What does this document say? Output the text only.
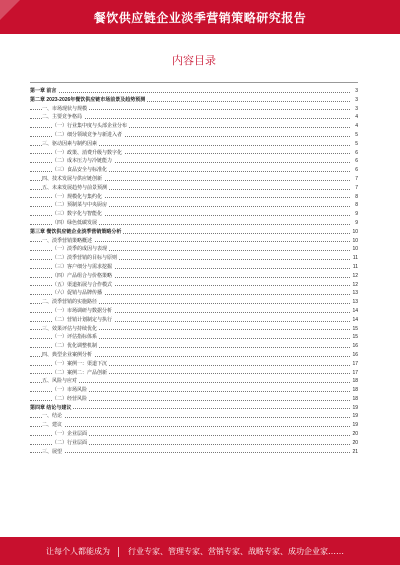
餐饮供应链企业淡季营销策略研究报告
内容目录
第一章 前言	3
第二章 2023-2026年餐饮供应链市场前景及趋势预测	3
一、市场现状与规模	3
二、主要竞争格局	4
（一）行业集中度与头部企业分布	4
（二）细分领域竞争与新进入者	5
三、驱动因素与制约因素	5
（一）政策、消费升级与数字化	6
（二）成本压力与冷链能力	6
（三）食品安全与标准化	6
四、技术发展与供应链创新	7
五、未来发展趋势与前景预测	7
（一）规模化与集约化	8
（二）预制菜与中央厨房	8
（三）数字化与智能化	9
（四）绿色低碳发展	9
第三章 餐饮供应链企业淡季营销策略分析	10
一、淡季营销策略概述	10
（一）淡季的成因与表现	10
（二）淡季营销的目标与原则	11
（三）客户细分与需求挖掘	11
（四）产品组合与价格策略	12
（五）渠道拓展与合作模式	12
（六）促销与品牌传播	13
二、淡季营销的实施路径	13
（一）市场调研与数据分析	14
（二）营销计划制定与执行	14
三、效果评估与持续优化	15
（一）评估指标体系	15
（二）优化调整机制	16
四、典型企业案例分析	16
（一）案例一：渠道下沉	17
（二）案例二：产品创新	17
五、风险与应对	18
（一）市场风险	18
（二）经营风险	18
第四章 结论与建议	19
一、结论	19
二、建议	19
（一）企业层面	20
（二）行业层面	20
三、展望	21
让每个人都能成为 行业专家、管理专家、营销专家、战略专家、成功企业家……
